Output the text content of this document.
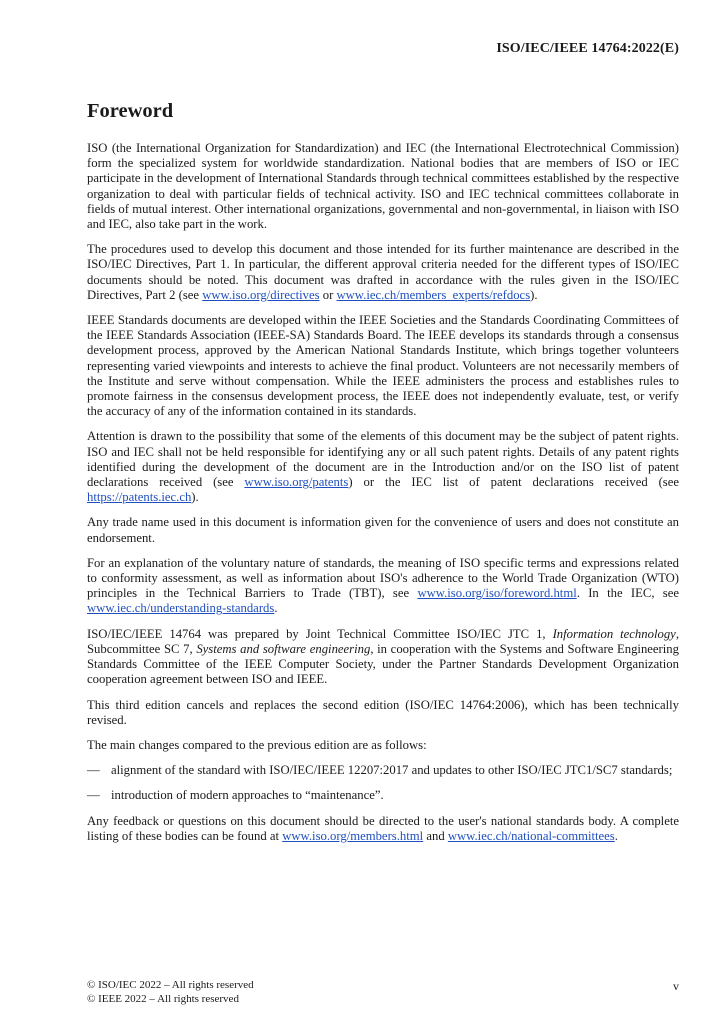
ISO/IEC/IEEE 14764:2022(E)
Foreword

ISO (the International Organization for Standardization) and IEC (the International Electrotechnical Commission) form the specialized system for worldwide standardization. National bodies that are members of ISO or IEC participate in the development of International Standards through technical committees established by the respective organization to deal with particular fields of technical activity. ISO and IEC technical committees collaborate in fields of mutual interest. Other international organizations, governmental and non-governmental, in liaison with ISO and IEC, also take part in the work.

The procedures used to develop this document and those intended for its further maintenance are described in the ISO/IEC Directives, Part 1. In particular, the different approval criteria needed for the different types of ISO/IEC documents should be noted. This document was drafted in accordance with the rules given in the ISO/IEC Directives, Part 2 (see www.iso.org/directives or www.iec.ch/members_experts/refdocs).

IEEE Standards documents are developed within the IEEE Societies and the Standards Coordinating Committees of the IEEE Standards Association (IEEE-SA) Standards Board. The IEEE develops its standards through a consensus development process, approved by the American National Standards Institute, which brings together volunteers representing varied viewpoints and interests to achieve the final product. Volunteers are not necessarily members of the Institute and serve without compensation. While the IEEE administers the process and establishes rules to promote fairness in the consensus development process, the IEEE does not independently evaluate, test, or verify the accuracy of any of the information contained in its standards.

Attention is drawn to the possibility that some of the elements of this document may be the subject of patent rights. ISO and IEC shall not be held responsible for identifying any or all such patent rights. Details of any patent rights identified during the development of the document are in the Introduction and/or on the ISO list of patent declarations received (see www.iso.org/patents) or the IEC list of patent declarations received (see https://patents.iec.ch).

Any trade name used in this document is information given for the convenience of users and does not constitute an endorsement.

For an explanation of the voluntary nature of standards, the meaning of ISO specific terms and expressions related to conformity assessment, as well as information about ISO's adherence to the World Trade Organization (WTO) principles in the Technical Barriers to Trade (TBT), see www.iso.org/iso/foreword.html. In the IEC, see www.iec.ch/understanding-standards.

ISO/IEC/IEEE 14764 was prepared by Joint Technical Committee ISO/IEC JTC 1, Information technology, Subcommittee SC 7, Systems and software engineering, in cooperation with the Systems and Software Engineering Standards Committee of the IEEE Computer Society, under the Partner Standards Development Organization cooperation agreement between ISO and IEEE.

This third edition cancels and replaces the second edition (ISO/IEC 14764:2006), which has been technically revised.

The main changes compared to the previous edition are as follows:

— alignment of the standard with ISO/IEC/IEEE 12207:2017 and updates to other ISO/IEC JTC1/SC7 standards;
— introduction of modern approaches to “maintenance”.

Any feedback or questions on this document should be directed to the user's national standards body. A complete listing of these bodies can be found at www.iso.org/members.html and www.iec.ch/national-committees.

© ISO/IEC 2022 – All rights reserved
© IEEE 2022 – All rights reserved
v
